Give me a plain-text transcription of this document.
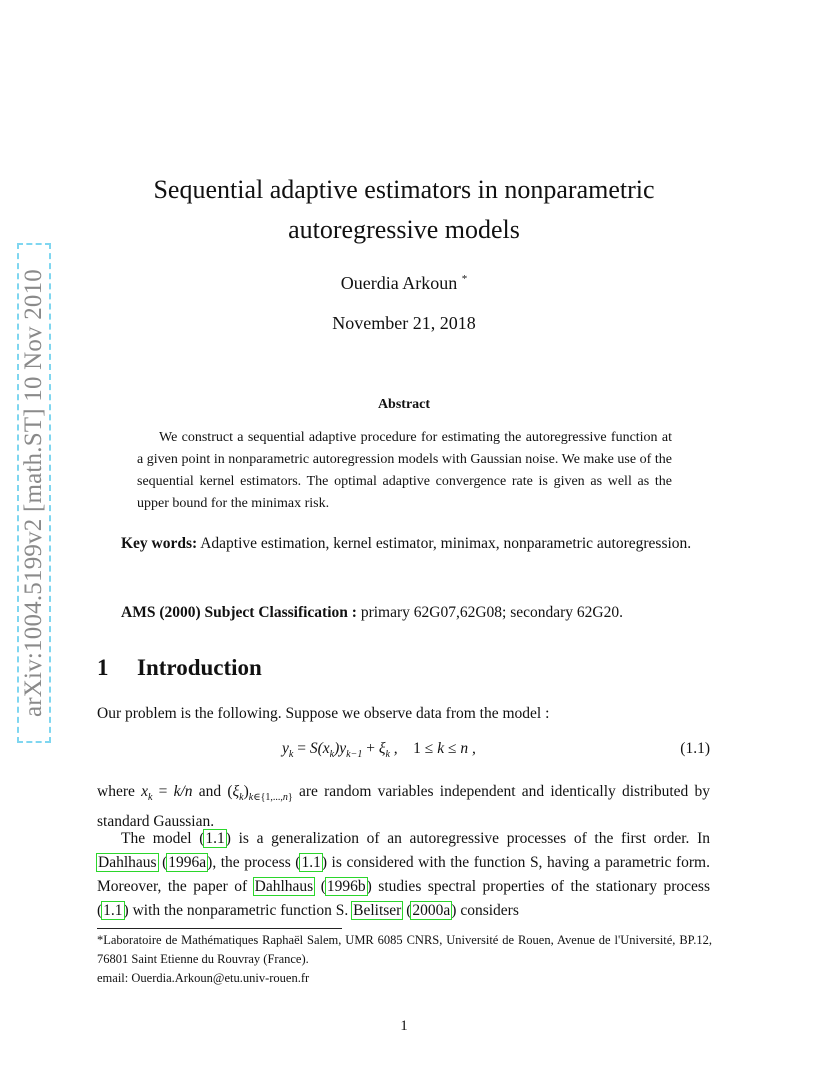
arXiv:1004.5199v2 [math.ST] 10 Nov 2010
Sequential adaptive estimators in nonparametric
autoregressive models
Ouerdia Arkoun *
November 21, 2018
Abstract
We construct a sequential adaptive procedure for estimating the autoregressive function at a given point in nonparametric autoregression models with Gaussian noise. We make use of the sequential kernel estimators. The optimal adaptive convergence rate is given as well as the upper bound for the minimax risk.
Key words: Adaptive estimation, kernel estimator, minimax, nonparametric autoregression.
AMS (2000) Subject Classification : primary 62G07,62G08; secondary 62G20.
1 Introduction
Our problem is the following. Suppose we observe data from the model :
$y_k = S(x_k)y_{k-1} + \xi_k$ ,    1 ≤ k ≤ n ,	(1.1)
where $x_k = k/n$ and $(\xi_k)_{k\in\{1,...,n\}}$ are random variables independent and identically distributed by standard Gaussian.
The model (1.1) is a generalization of an autoregressive processes of the first order. In Dahlhaus (1996a), the process (1.1) is considered with the function S, having a parametric form. Moreover, the paper of Dahlhaus (1996b) studies spectral properties of the stationary process (1.1) with the nonparametric function S. Belitser (2000a) considers
*Laboratoire de Mathématiques Raphaël Salem, UMR 6085 CNRS, Université de Rouen, Avenue de l'Université, BP.12, 76801 Saint Etienne du Rouvray (France).
email: Ouerdia.Arkoun@etu.univ-rouen.fr
1
